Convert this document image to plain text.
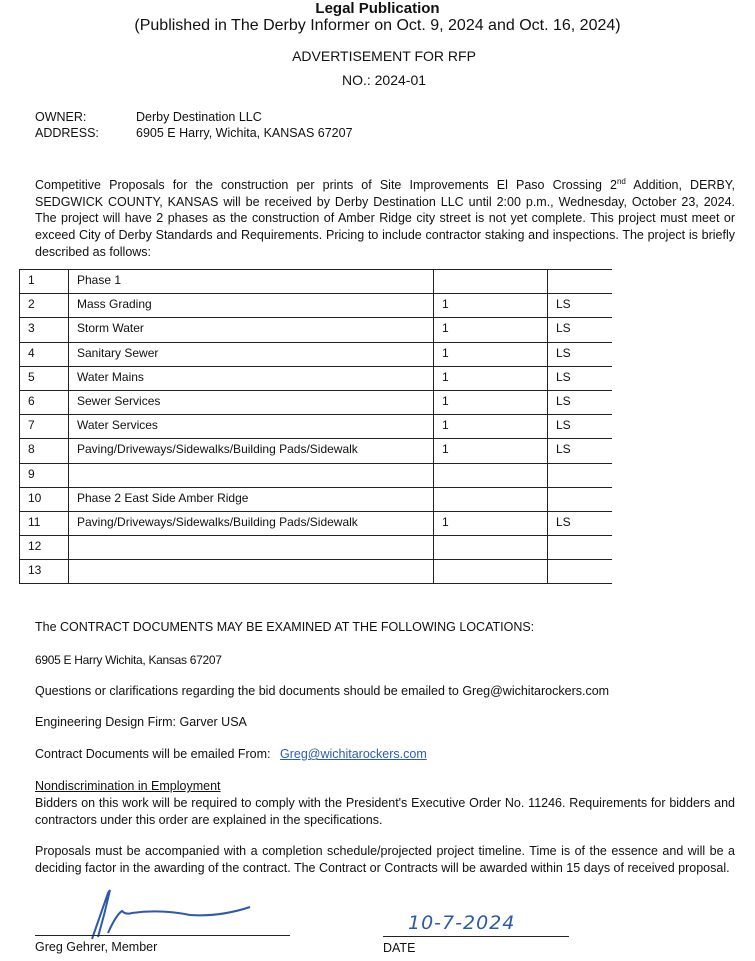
Legal Publication
(Published in The Derby Informer on Oct. 9, 2024 and Oct. 16, 2024)
ADVERTISEMENT FOR RFP
NO.: 2024-01
OWNER:	Derby Destination LLC
ADDRESS:	6905 E Harry, Wichita, KANSAS 67207
Competitive Proposals for the construction per prints of Site Improvements El Paso Crossing 2nd Addition, DERBY, SEDGWICK COUNTY, KANSAS will be received by Derby Destination LLC until 2:00 p.m., Wednesday, October 23, 2024. The project will have 2 phases as the construction of Amber Ridge city street is not yet complete. This project must meet or exceed City of Derby Standards and Requirements. Pricing to include contractor staking and inspections. The project is briefly described as follows:
1	Phase 1		
2	Mass Grading	1	LS
3	Storm Water	1	LS
4	Sanitary Sewer	1	LS
5	Water Mains	1	LS
6	Sewer Services	1	LS
7	Water Services	1	LS
8	Paving/Driveways/Sidewalks/Building Pads/Sidewalk	1	LS
9			
10	Phase 2 East Side Amber Ridge		
11	Paving/Driveways/Sidewalks/Building Pads/Sidewalk	1	LS
12			
13			
The CONTRACT DOCUMENTS MAY BE EXAMINED AT THE FOLLOWING LOCATIONS:
6905 E Harry Wichita, Kansas 67207
Questions or clarifications regarding the bid documents should be emailed to Greg@wichitarockers.com
Engineering Design Firm: Garver USA
Contract Documents will be emailed From: Greg@wichitarockers.com
Nondiscrimination in Employment
Bidders on this work will be required to comply with the President's Executive Order No. 11246. Requirements for bidders and contractors under this order are explained in the specifications.
Proposals must be accompanied with a completion schedule/projected project timeline. Time is of the essence and will be a deciding factor in the awarding of the contract. The Contract or Contracts will be awarded within 15 days of received proposal.
Greg Gehrer, Member
10-7-2024
DATE
